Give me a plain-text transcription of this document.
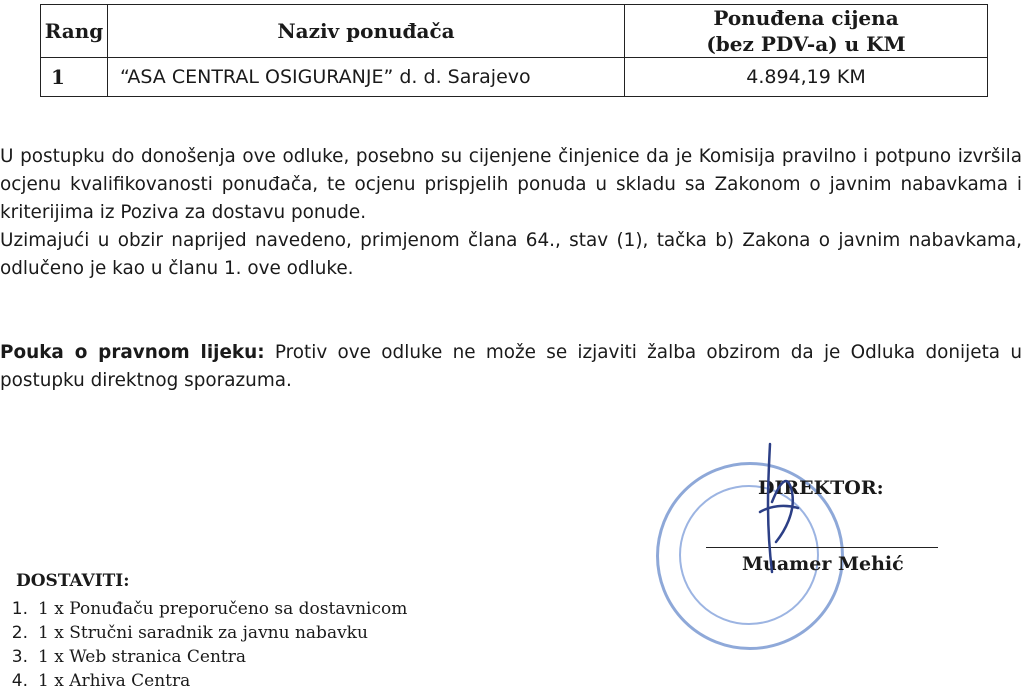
Rang	Naziv ponuđača	Ponuđena cijena
(bez PDV-a) u KM
1	“ASA CENTRAL OSIGURANJE” d. d. Sarajevo	4.894,19 KM

U postupku do donošenja ove odluke, posebno su cijenjene činjenice da je Komisija pravilno i potpuno izvršila ocjenu kvalifikovanosti ponuđača, te ocjenu prispjelih ponuda u skladu sa Zakonom o javnim nabavkama i kriterijima iz Poziva za dostavu ponude.

Uzimajući u obzir naprijed navedeno, primjenom člana 64., stav (1), tačka b) Zakona o javnim nabavkama, odlučeno je kao u članu 1. ove odluke.

Pouka o pravnom lijeku: Protiv ove odluke ne može se izjaviti žalba obzirom da je Odluka donijeta u postupku direktnog sporazuma.

DIREKTOR:
Muamer Mehić
DOSTAVITI:
1. 1 x Ponuđaču preporučeno sa dostavnicom
2. 1 x Stručni saradnik za javnu nabavku
3. 1 x Web stranica Centra
4. 1 x Arhiva Centra
